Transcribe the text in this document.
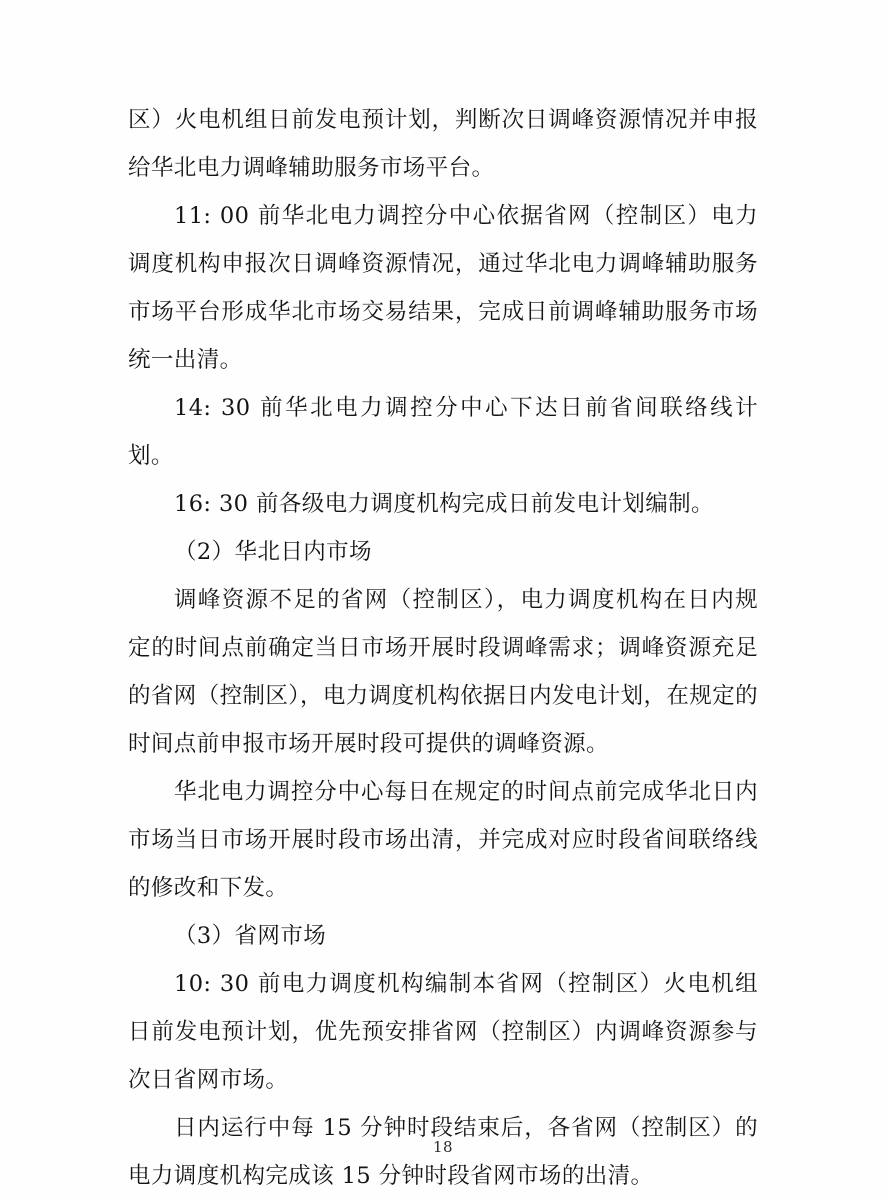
区）火电机组日前发电预计划，判断次日调峰资源情况并申报给华北电力调峰辅助服务市场平台。

11: 00 前华北电力调控分中心依据省网（控制区）电力调度机构申报次日调峰资源情况，通过华北电力调峰辅助服务市场平台形成华北市场交易结果，完成日前调峰辅助服务市场统一出清。

14: 30 前华北电力调控分中心下达日前省间联络线计划。

16: 30 前各级电力调度机构完成日前发电计划编制。

（2）华北日内市场

调峰资源不足的省网（控制区），电力调度机构在日内规定的时间点前确定当日市场开展时段调峰需求；调峰资源充足的省网（控制区），电力调度机构依据日内发电计划，在规定的时间点前申报市场开展时段可提供的调峰资源。

华北电力调控分中心每日在规定的时间点前完成华北日内市场当日市场开展时段市场出清，并完成对应时段省间联络线的修改和下发。

（3）省网市场

10: 30 前电力调度机构编制本省网（控制区）火电机组日前发电预计划，优先预安排省网（控制区）内调峰资源参与次日省网市场。

日内运行中每 15 分钟时段结束后，各省网（控制区）的电力调度机构完成该 15 分钟时段省网市场的出清。

18
